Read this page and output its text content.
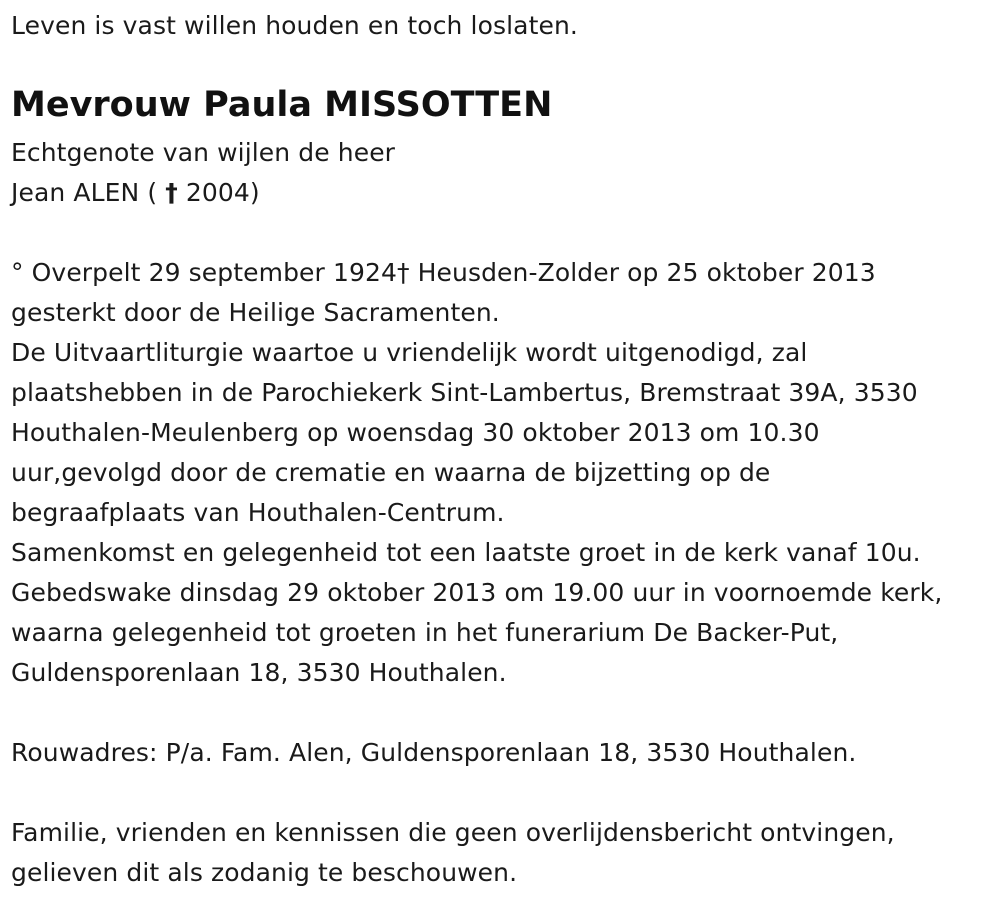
Leven is vast willen houden en toch loslaten.
Mevrouw Paula MISSOTTEN
Echtgenote van wijlen de heer
Jean ALEN ( † 2004)
° Overpelt 29 september 1924† Heusden-Zolder op 25 oktober 2013
gesterkt door de Heilige Sacramenten.
De Uitvaartliturgie waartoe u vriendelijk wordt uitgenodigd, zal
plaatshebben in de Parochiekerk Sint-Lambertus, Bremstraat 39A, 3530
Houthalen-Meulenberg op woensdag 30 oktober 2013 om 10.30
uur,gevolgd door de crematie en waarna de bijzetting op de
begraafplaats van Houthalen-Centrum.
Samenkomst en gelegenheid tot een laatste groet in de kerk vanaf 10u.
Gebedswake dinsdag 29 oktober 2013 om 19.00 uur in voornoemde kerk,
waarna gelegenheid tot groeten in het funerarium De Backer-Put,
Guldensporenlaan 18, 3530 Houthalen.
Rouwadres: P/a. Fam. Alen, Guldensporenlaan 18, 3530 Houthalen.
Familie, vrienden en kennissen die geen overlijdensbericht ontvingen,
gelieven dit als zodanig te beschouwen.
